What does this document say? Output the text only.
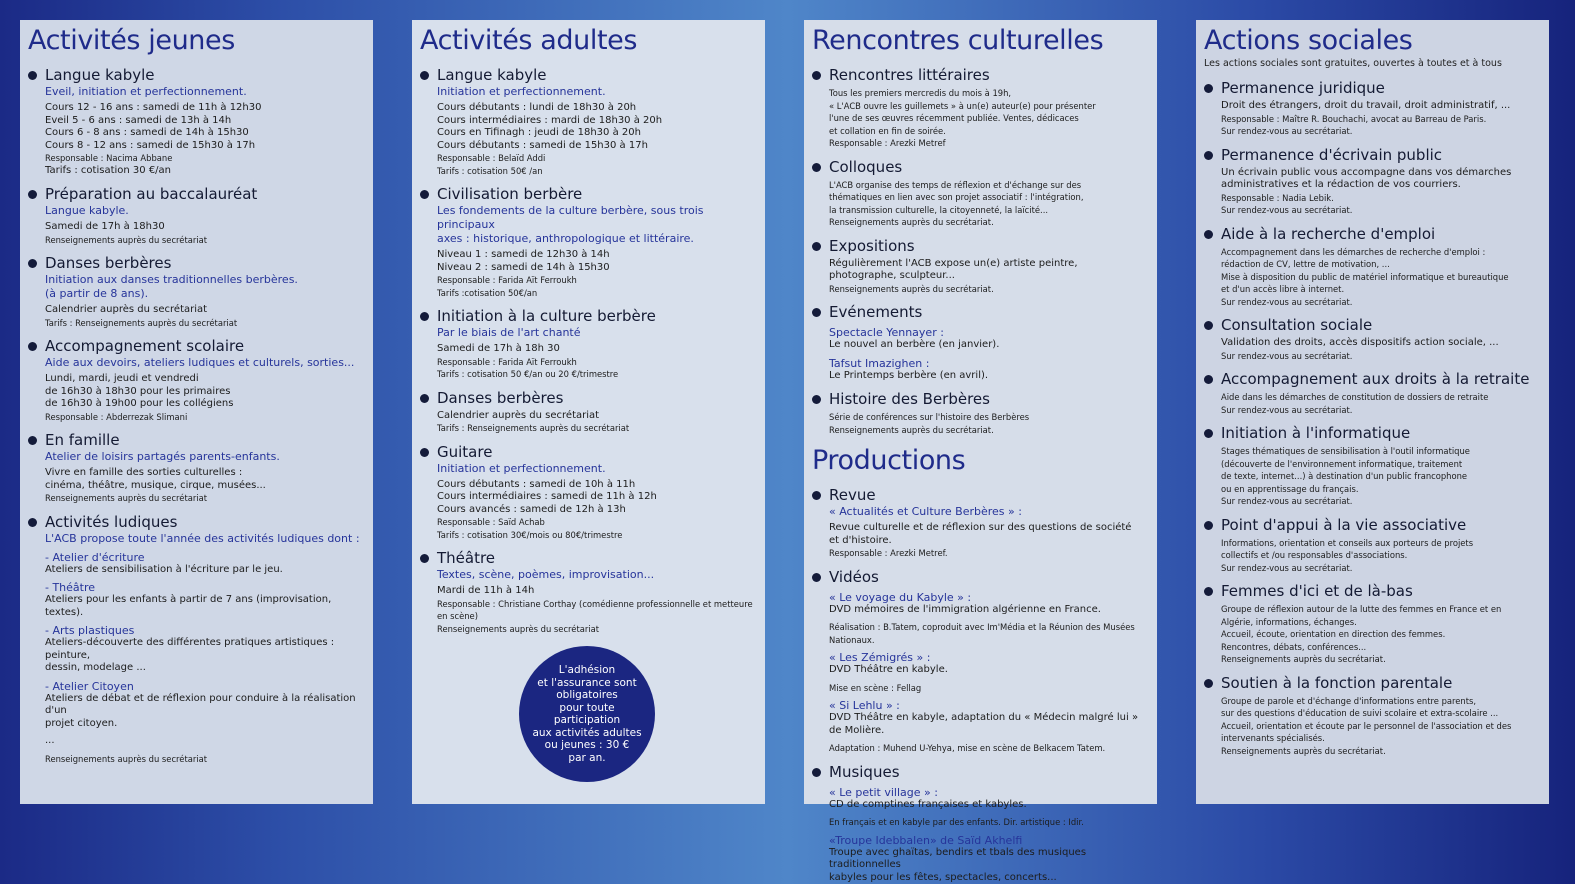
Activités jeunes
Langue kabyle
Eveil, initiation et perfectionnement.
Cours 12 - 16 ans : samedi de 11h à 12h30
Eveil 5 - 6 ans : samedi de 13h à 14h
Cours 6 - 8 ans : samedi de 14h à 15h30
Cours 8 - 12 ans : samedi de 15h30 à 17h
Responsable : Nacima Abbane
Tarifs : cotisation 30 €/an
Préparation au baccalauréat
Langue kabyle.
Samedi de 17h à 18h30
Renseignements auprès du secrétariat
Danses berbères
Initiation aux danses traditionnelles berbères.
(à partir de 8 ans).
Calendrier auprès du secrétariat
Tarifs : Renseignements auprès du secrétariat
Accompagnement scolaire
Aide aux devoirs, ateliers ludiques et culturels, sorties...
Lundi, mardi, jeudi et vendredi
de 16h30 à 18h30 pour les primaires
de 16h30 à 19h00 pour les collégiens
Responsable : Abderrezak Slimani
En famille
Atelier de loisirs partagés parents-enfants.
Vivre en famille des sorties culturelles :
cinéma, théâtre, musique, cirque, musées...
Renseignements auprès du secrétariat
Activités ludiques
L'ACB propose toute l'année des activités ludiques dont :
- Atelier d'écriture
Ateliers de sensibilisation à l'écriture par le jeu.
- Théâtre
Ateliers pour les enfants à partir de 7 ans (improvisation, textes).
- Arts plastiques
Ateliers-découverte des différentes pratiques artistiques : peinture,
dessin, modelage ...
- Atelier Citoyen
Ateliers de débat et de réflexion pour conduire à la réalisation d'un
projet citoyen.
...
Renseignements auprès du secrétariat
Activités adultes
Langue kabyle
Initiation et perfectionnement.
Cours débutants : lundi de 18h30 à 20h
Cours intermédiaires : mardi de 18h30 à 20h
Cours en Tifinagh : jeudi de 18h30 à 20h
Cours débutants : samedi de 15h30 à 17h
Responsable : Belaïd Addi
Tarifs : cotisation 50€ /an
Civilisation berbère
Les fondements de la culture berbère, sous trois principaux
axes : historique, anthropologique et littéraire.
Niveau 1 : samedi de 12h30 à 14h
Niveau 2 : samedi de 14h à 15h30
Responsable : Farida Aït Ferroukh
Tarifs :cotisation 50€/an
Initiation à la culture berbère
Par le biais de l'art chanté
Samedi de 17h à 18h 30
Responsable : Farida Aït Ferroukh
Tarifs : cotisation 50 €/an ou 20 €/trimestre
Danses berbères
Calendrier auprès du secrétariat
Tarifs : Renseignements auprès du secrétariat
Guitare
Initiation et perfectionnement.
Cours débutants : samedi de 10h à 11h
Cours intermédiaires : samedi de 11h à 12h
Cours avancés : samedi de 12h à 13h
Responsable : Saïd Achab
Tarifs : cotisation 30€/mois ou 80€/trimestre
Théâtre
Textes, scène, poèmes, improvisation...
Mardi de 11h à 14h
Responsable : Christiane Corthay (comédienne professionnelle et metteure
en scène)
Renseignements auprès du secrétariat
Rencontres culturelles
Rencontres littéraires
Tous les premiers mercredis du mois à 19h,
« L'ACB ouvre les guillemets » à un(e) auteur(e) pour présenter
l'une de ses œuvres récemment publiée. Ventes, dédicaces
et collation en fin de soirée.
Responsable : Arezki Metref
Colloques
L'ACB organise des temps de réflexion et d'échange sur des
thématiques en lien avec son projet associatif : l'intégration,
la transmission culturelle, la citoyenneté, la laïcité...
Renseignements auprès du secrétariat.
Expositions
Régulièrement l'ACB expose un(e) artiste peintre,
photographe, sculpteur...
Renseignements auprès du secrétariat.
Evénements
Spectacle Yennayer :
Le nouvel an berbère (en janvier).
Tafsut Imazighen :
Le Printemps berbère (en avril).
Histoire des Berbères
Série de conférences sur l'histoire des Berbères
Renseignements auprès du secrétariat.
Productions
Revue
« Actualités et Culture Berbères » :
Revue culturelle et de réflexion sur des questions de société
et d'histoire.
Responsable : Arezki Metref.
Vidéos
« Le voyage du Kabyle » :
DVD mémoires de l'immigration algérienne en France.
Réalisation : B.Tatem, coproduit avec Im'Média et la Réunion des Musées Nationaux.
« Les Zémigrés » :
DVD Théâtre en kabyle.
Mise en scène : Fellag
« Si Lehlu » :
DVD Théâtre en kabyle, adaptation du « Médecin malgré lui » de Molière.
Adaptation : Muhend U-Yehya, mise en scène de Belkacem Tatem.
Musiques
« Le petit village » :
CD de comptines françaises et kabyles.
En français et en kabyle par des enfants. Dir. artistique : Idir.
«Troupe Idebbalen» de Saïd Akhelfi
Troupe avec ghaïtas, bendirs et tbals des musiques traditionnelles
kabyles pour les fêtes, spectacles, concerts...
Actions sociales
Les actions sociales sont gratuites, ouvertes à toutes et à tous
Permanence juridique
Droit des étrangers, droit du travail, droit administratif, ...
Responsable : Maître R. Bouchachi, avocat au Barreau de Paris.
Sur rendez-vous au secrétariat.
Permanence d'écrivain public
Un écrivain public vous accompagne dans vos démarches
administratives et la rédaction de vos courriers.
Responsable : Nadia Lebik.
Sur rendez-vous au secrétariat.
Aide à la recherche d'emploi
Accompagnement dans les démarches de recherche d'emploi :
rédaction de CV, lettre de motivation, ...
Mise à disposition du public de matériel informatique et bureautique
et d'un accès libre à internet.
Sur rendez-vous au secrétariat.
Consultation sociale
Validation des droits, accès dispositifs action sociale, ...
Sur rendez-vous au secrétariat.
Accompagnement aux droits à la retraite
Aide dans les démarches de constitution de dossiers de retraite
Sur rendez-vous au secrétariat.
Initiation à l'informatique
Stages thématiques de sensibilisation à l'outil informatique
(découverte de l'environnement informatique, traitement
de texte, internet...) à destination d'un public francophone
ou en apprentissage du français.
Sur rendez-vous au secrétariat.
Point d'appui à la vie associative
Informations, orientation et conseils aux porteurs de projets
collectifs et /ou responsables d'associations.
Sur rendez-vous au secrétariat.
Femmes d'ici et de là-bas
Groupe de réflexion autour de la lutte des femmes en France et en
Algérie, informations, échanges.
Accueil, écoute, orientation en direction des femmes.
Rencontres, débats, conférences...
Renseignements auprès du secrétariat.
Soutien à la fonction parentale
Groupe de parole et d'échange d'informations entre parents,
sur des questions d'éducation de suivi scolaire et extra-scolaire ...
Accueil, orientation et écoute par le personnel de l'association et des
intervenants spécialisés.
Renseignements auprès du secrétariat.
L'adhésion
et l'assurance sont
obligatoires
pour toute
participation
aux activités adultes
ou jeunes : 30 €
par an.
